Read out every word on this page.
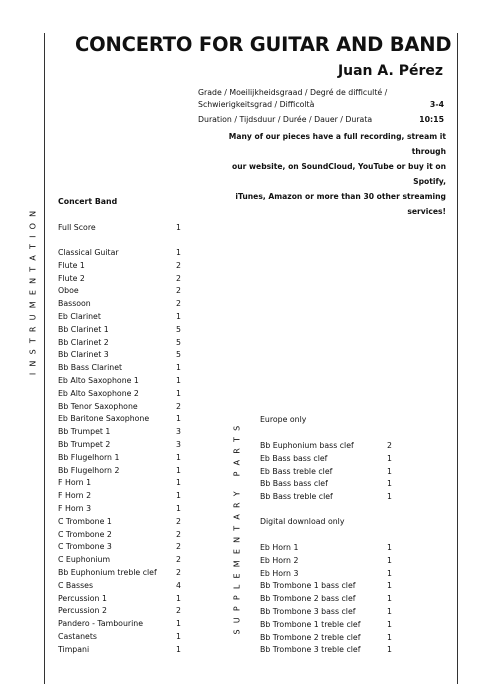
CONCERTO FOR GUITAR AND BAND
Juan A. Pérez
Grade / Moeilijkheidsgraad / Degré de difficulté /
Schwierigkeitsgrad / Difficoltà	3-4
Duration / Tijdsduur / Durée / Dauer / Durata	10:15
Many of our pieces have a full recording, stream it through
our website, on SoundCloud, YouTube or buy it on Spotify,
iTunes, Amazon or more than 30 other streaming services!
I  N  S  T  R  U  M  E  N  T  A  T  I  O  N
S  U  P  P  L  E  M  E  N  T  A  R  Y     P  A  R  T  S
Concert Band
Full Score	1
Classical Guitar	1
Flute 1	2
Flute 2	2
Oboe	2
Bassoon	2
Eb Clarinet	1
Bb Clarinet 1	5
Bb Clarinet 2	5
Bb Clarinet 3	5
Bb Bass Clarinet	1
Eb Alto Saxophone 1	1
Eb Alto Saxophone 2	1
Bb Tenor Saxophone	2
Eb Baritone Saxophone	1
Bb Trumpet 1	3
Bb Trumpet 2	3
Bb Flugelhorn 1	1
Bb Flugelhorn 2	1
F Horn 1	1
F Horn 2	1
F Horn 3	1
C Trombone 1	2
C Trombone 2	2
C Trombone 3	2
C Euphonium	2
Bb Euphonium treble clef 2
C Basses	4
Percussion 1	1
Percussion 2	2
Pandero - Tambourine	1
Castanets	1
Timpani	1
Europe only
Bb Euphonium bass clef	2
Eb Bass bass clef	1
Eb Bass treble clef	1
Bb Bass bass clef	1
Bb Bass treble clef	1
Digital download only
Eb Horn 1	1
Eb Horn 2	1
Eb Horn 3	1
Bb Trombone 1 bass clef	1
Bb Trombone 2 bass clef	1
Bb Trombone 3 bass clef	1
Bb Trombone 1 treble clef	1
Bb Trombone 2 treble clef	1
Bb Trombone 3 treble clef	1
